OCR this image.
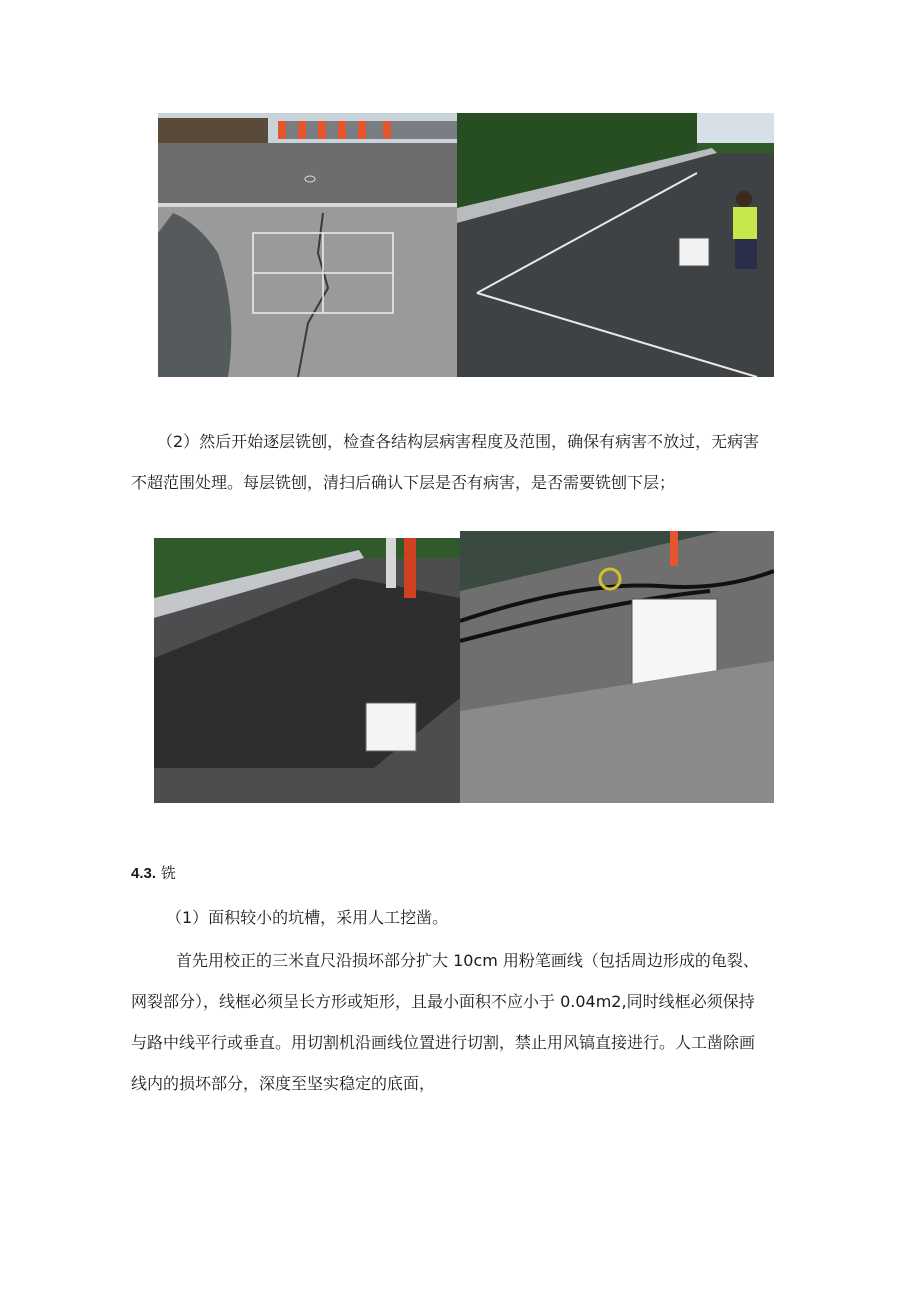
（2）然后开始逐层铣刨，检查各结构层病害程度及范围，确保有病害不放过，无病害

不超范围处理。每层铣刨，清扫后确认下层是否有病害，是否需要铣刨下层；

4.3. 铣

（1）面积较小的坑槽，采用人工挖凿。

首先用校正的三米直尺沿损坏部分扩大 10cm 用粉笔画线（包括周边形成的龟裂、

网裂部分），线框必须呈长方形或矩形，且最小面积不应小于 0.04m2,同时线框必须保持

与路中线平行或垂直。用切割机沿画线位置进行切割，禁止用风镐直接进行。人工凿除画

线内的损坏部分，深度至坚实稳定的底面，
